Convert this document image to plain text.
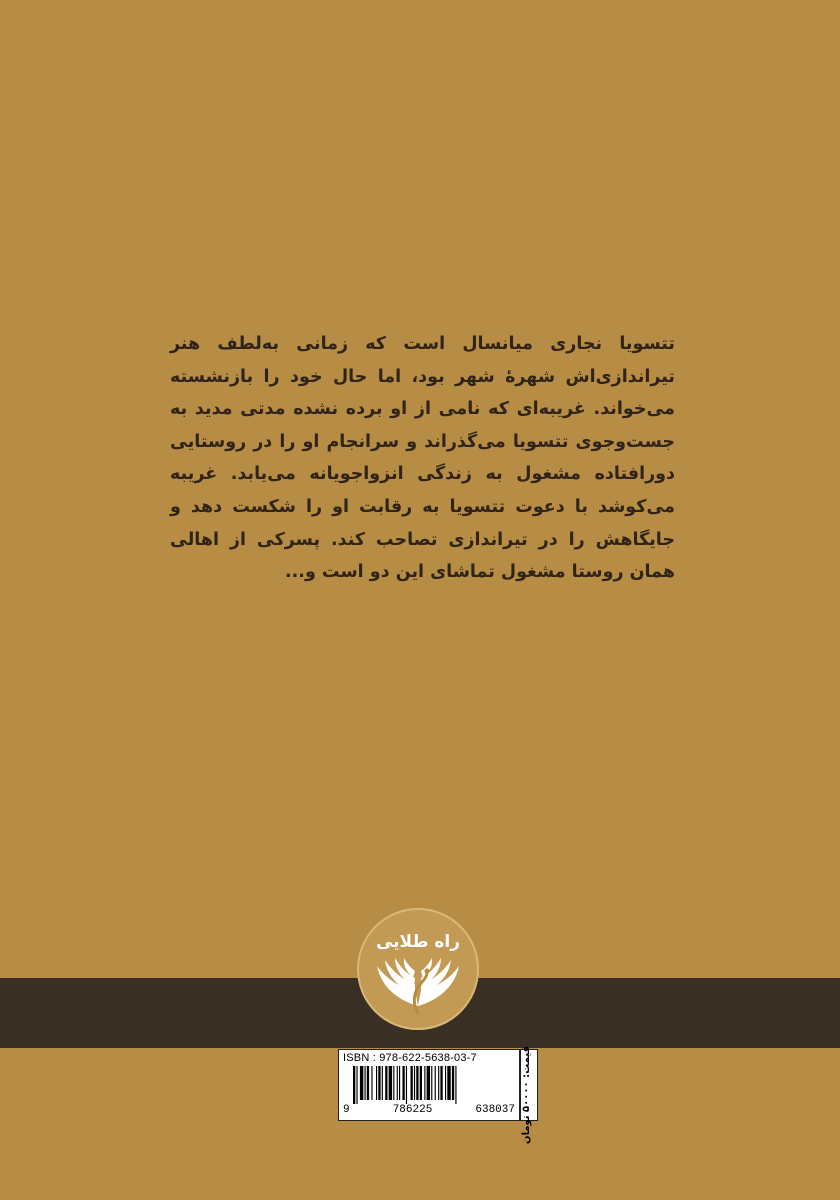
تتسویا نجاری میانسال است که زمانی به‌لطف هنر تیراندازی‌اش شهرهٔ شهر بود، اما حال خود را بازنشسته می‌خواند. غریبه‌ای که نامی از او برده نشده مدتی مدید به جست‌وجوی تتسویا می‌گذراند و سرانجام او را در روستایی دورافتاده مشغول به زندگی انزواجویانه می‌یابد. غریبه می‌کوشد با دعوت تتسویا به رقابت او را شکست دهد و جایگاهش را در تیراندازی تصاحب کند. پسرکی از اهالی همان روستا مشغول تماشای این دو است و...
راه طلایی
ISBN : 978-622-5638-03-7
9	786225	638037
قیمت: ۵۰۰۰۰ تومان
